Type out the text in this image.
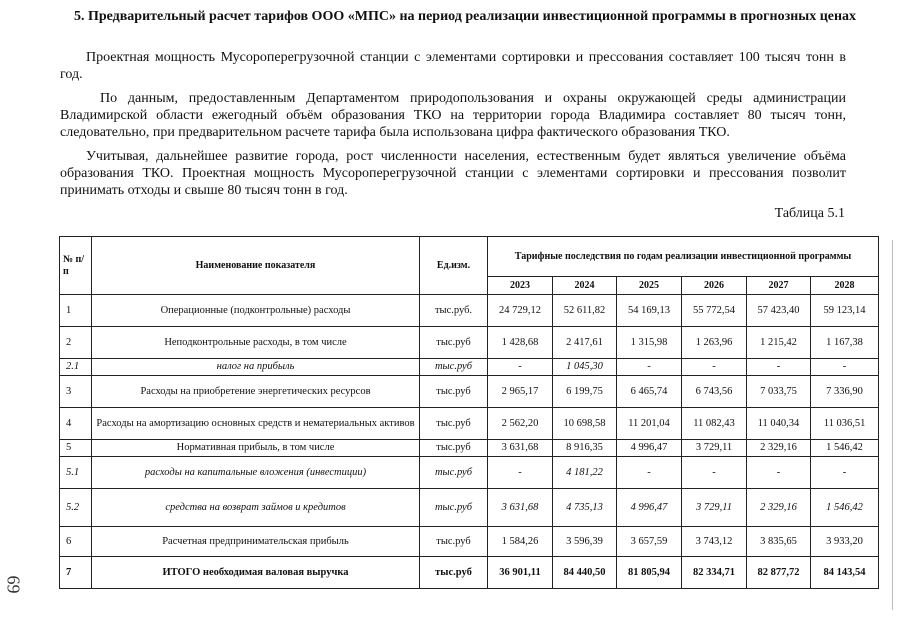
5. Предварительный расчет тарифов ООО «МПС» на период реализации инвестиционной программы в прогнозных ценах
Проектная мощность Мусороперегрузочной станции с элементами сортировки и прессования составляет 100 тысяч тонн в год.
По данным, предоставленным Департаментом природопользования и охраны окружающей среды администрации Владимирской области ежегодный объём образования ТКО на территории города Владимира составляет 80 тысяч тонн, следовательно, при предварительном расчете тарифа была использована цифра фактического образования ТКО.
Учитывая, дальнейшее развитие города, рост численности населения, естественным будет являться увеличение объёма образования ТКО. Проектная мощность Мусороперегрузочной станции с элементами сортировки и прессования позволит принимать отходы и свыше 80 тысяч тонн в год.
Таблица 5.1
№ п/п	Наименование показателя	Ед.изм.	Тарифные последствия по годам реализации инвестиционной программы					
			2023	2024	2025	2026	2027	2028
1	Операционные (подконтрольные) расходы	тыс.руб.	24 729,12	52 611,82	54 169,13	55 772,54	57 423,40	59 123,14
2	Неподконтрольные расходы, в том числе	тыс.руб	1 428,68	2 417,61	1 315,98	1 263,96	1 215,42	1 167,38
2.1	налог на прибыль	тыс.руб	-	1 045,30	-	-	-	-
3	Расходы на приобретение энергетических ресурсов	тыс.руб	2 965,17	6 199,75	6 465,74	6 743,56	7 033,75	7 336,90
4	Расходы на амортизацию основных средств и нематериальных активов	тыс.руб	2 562,20	10 698,58	11 201,04	11 082,43	11 040,34	11 036,51
5	Нормативная прибыль, в том числе	тыс.руб	3 631,68	8 916,35	4 996,47	3 729,11	2 329,16	1 546,42
5.1	расходы на капитальные вложения (инвестиции)	тыс.руб	-	4 181,22	-	-	-	-
5.2	средства на возврат займов и кредитов	тыс.руб	3 631,68	4 735,13	4 996,47	3 729,11	2 329,16	1 546,42
6	Расчетная предпринимательская прибыль	тыс.руб	1 584,26	3 596,39	3 657,59	3 743,12	3 835,65	3 933,20
7	ИТОГО необходимая валовая выручка	тыс.руб	36 901,11	84 440,50	81 805,94	82 334,71	82 877,72	84 143,54
69
